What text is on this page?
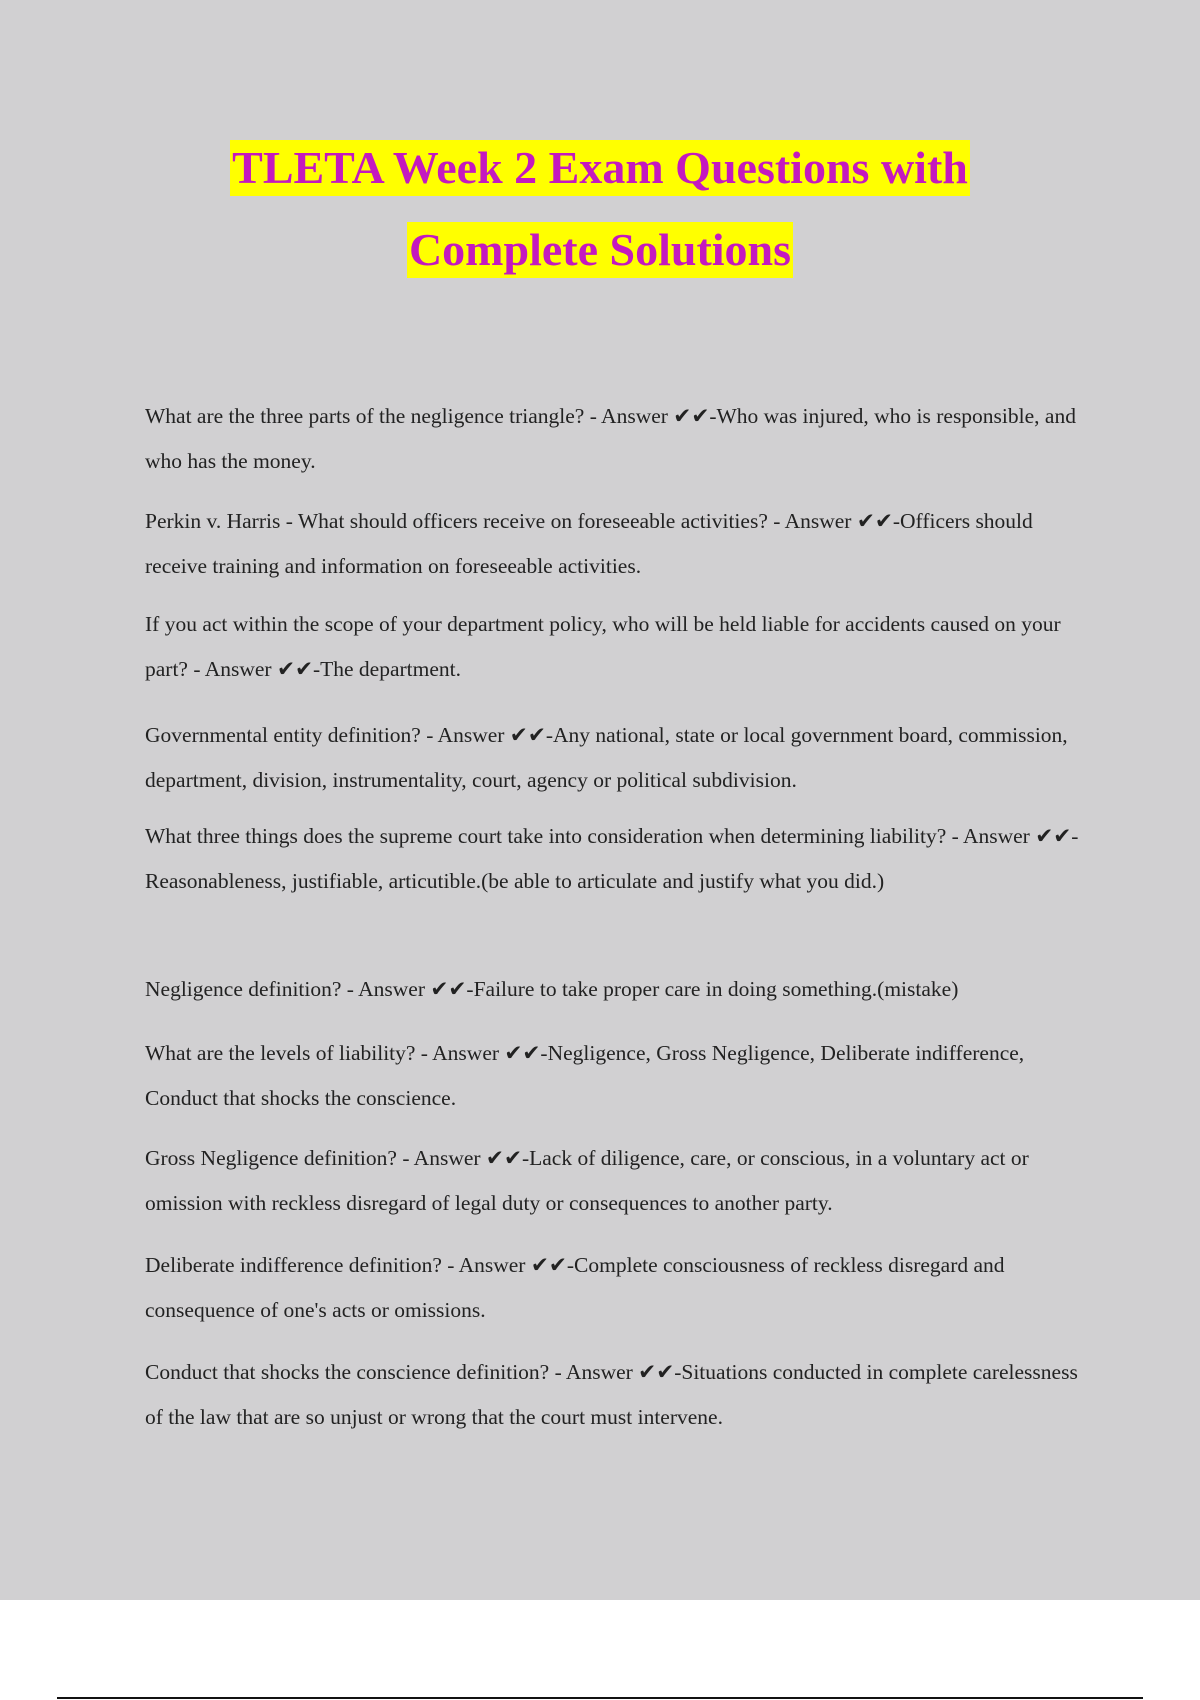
TLETA Week 2 Exam Questions with
Complete Solutions

What are the three parts of the negligence triangle? - Answer ✔✔-Who was injured, who is responsible, and who has the money.

Perkin v. Harris - What should officers receive on foreseeable activities? - Answer ✔✔-Officers should receive training and information on foreseeable activities.

If you act within the scope of your department policy, who will be held liable for accidents caused on your part? - Answer ✔✔-The department.

Governmental entity definition? - Answer ✔✔-Any national, state or local government board, commission, department, division, instrumentality, court, agency or political subdivision.

What three things does the supreme court take into consideration when determining liability? - Answer ✔✔-Reasonableness, justifiable, articutible.(be able to articulate and justify what you did.)

Negligence definition? - Answer ✔✔-Failure to take proper care in doing something.(mistake)

What are the levels of liability? - Answer ✔✔-Negligence, Gross Negligence, Deliberate indifference, Conduct that shocks the conscience.

Gross Negligence definition? - Answer ✔✔-Lack of diligence, care, or conscious, in a voluntary act or omission with reckless disregard of legal duty or consequences to another party.

Deliberate indifference definition? - Answer ✔✔-Complete consciousness of reckless disregard and consequence of one's acts or omissions.

Conduct that shocks the conscience definition? - Answer ✔✔-Situations conducted in complete carelessness of the law that are so unjust or wrong that the court must intervene.
